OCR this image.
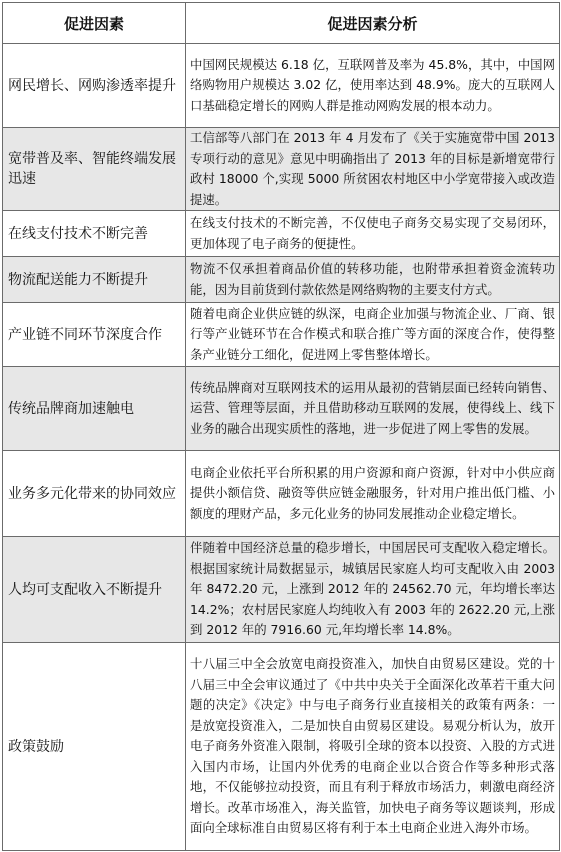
促进因素	促进因素分析
网民增长、网购渗透率提升	中国网民规模达 6.18 亿，互联网普及率为 45.8%，其中，中国网络购物用户规模达 3.02 亿，使用率达到 48.9%。庞大的互联网人口基础稳定增长的网购人群是推动网购发展的根本动力。
宽带普及率、智能终端发展迅速	工信部等八部门在 2013 年 4 月发布了《关于实施宽带中国 2013 专项行动的意见》意见中明确指出了 2013 年的目标是新增宽带行政村 18000 个,实现 5000 所贫困农村地区中小学宽带接入或改造提速。
在线支付技术不断完善	在线支付技术的不断完善，不仅使电子商务交易实现了交易闭环，更加体现了电子商务的便捷性。
物流配送能力不断提升	物流不仅承担着商品价值的转移功能，也附带承担着资金流转功能，因为目前货到付款依然是网络购物的主要支付方式。
产业链不同环节深度合作	随着电商企业供应链的纵深，电商企业加强与物流企业、厂商、银行等产业链环节在合作模式和联合推广等方面的深度合作，使得整条产业链分工细化，促进网上零售整体增长。
传统品牌商加速触电	传统品牌商对互联网技术的运用从最初的营销层面已经转向销售、运营、管理等层面，并且借助移动互联网的发展，使得线上、线下业务的融合出现实质性的落地，进一步促进了网上零售的发展。
业务多元化带来的协同效应	电商企业依托平台所积累的用户资源和商户资源，针对中小供应商提供小额信贷、融资等供应链金融服务，针对用户推出低门槛、小额度的理财产品，多元化业务的协同发展推动企业稳定增长。
人均可支配收入不断提升	伴随着中国经济总量的稳步增长，中国居民可支配收入稳定增长。根据国家统计局数据显示，城镇居民家庭人均可支配收入由 2003 年 8472.20 元，上涨到 2012 年的 24562.70 元，年均增长率达 14.2%；农村居民家庭人均纯收入有 2003 年的 2622.20 元,上涨到 2012 年的 7916.60 元,年均增长率 14.8%。
政策鼓励	十八届三中全会放宽电商投资准入，加快自由贸易区建设。党的十八届三中全会审议通过了《中共中央关于全面深化改革若干重大问题的决定》《决定》中与电子商务行业直接相关的政策有两条：一是放宽投资准入，二是加快自由贸易区建设。易观分析认为，放开电子商务外资准入限制，将吸引全球的资本以投资、入股的方式进入国内市场，让国内外优秀的电商企业以合资合作等多种形式落地，不仅能够拉动投资，而且有利于释放市场活力，刺激电商经济增长。改革市场准入，海关监管，加快电子商务等议题谈判，形成面向全球标准自由贸易区将有利于本土电商企业进入海外市场。
